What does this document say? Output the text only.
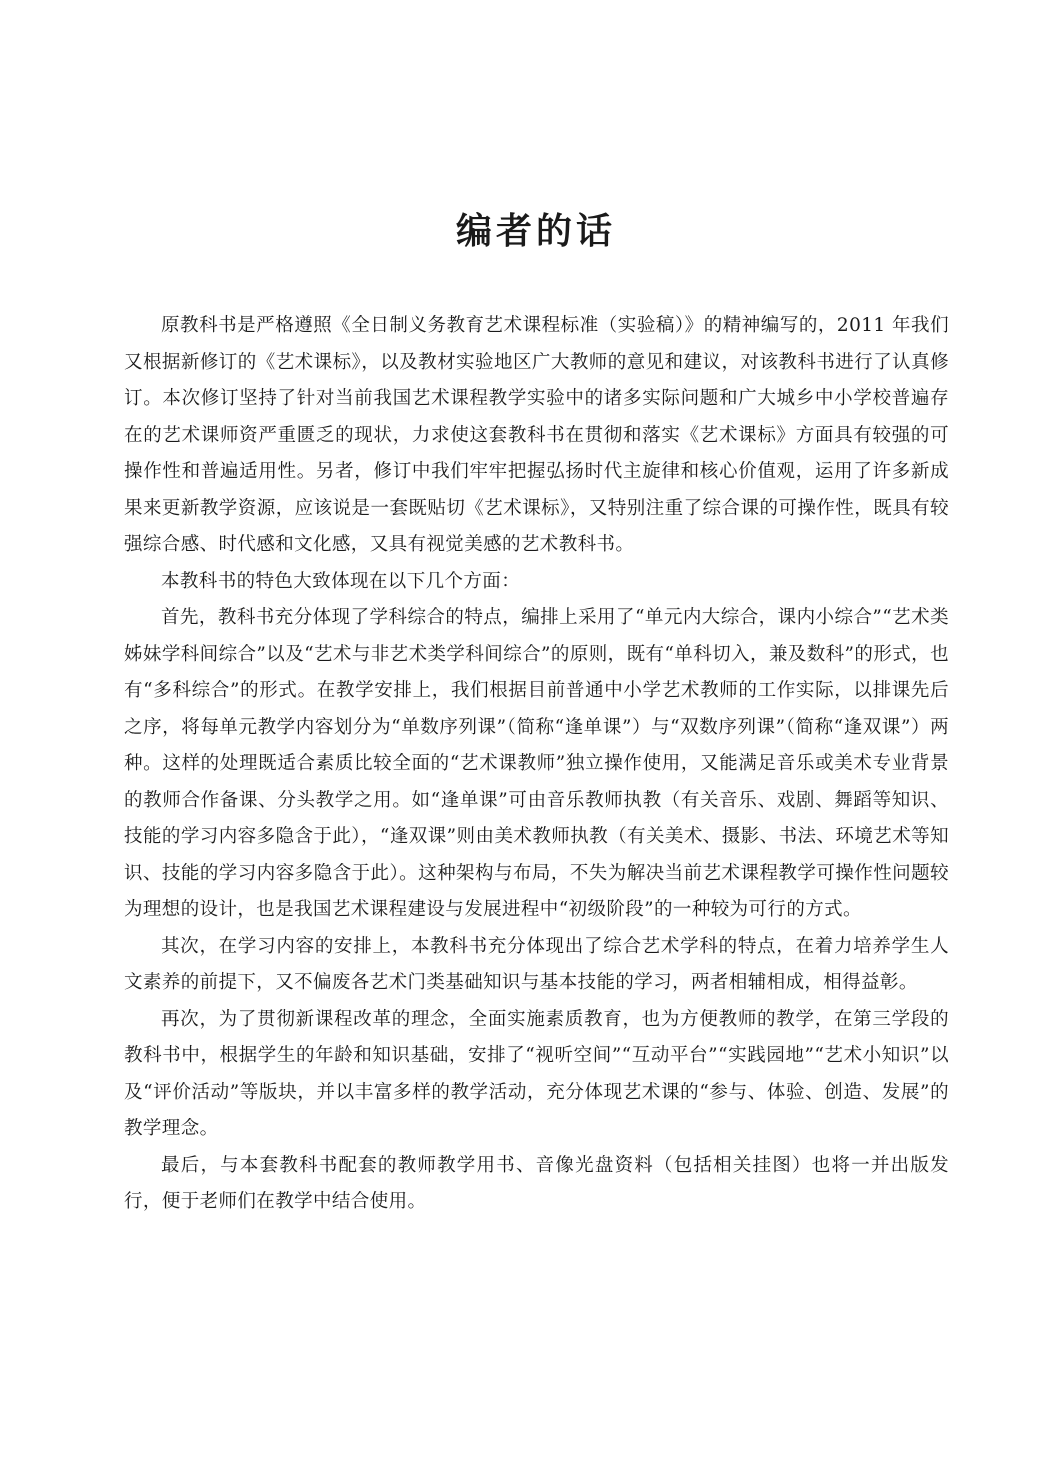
编者的话

原教科书是严格遵照《全日制义务教育艺术课程标准（实验稿）》的精神编写的，2011 年我们又根据新修订的《艺术课标》，以及教材实验地区广大教师的意见和建议，对该教科书进行了认真修订。本次修订坚持了针对当前我国艺术课程教学实验中的诸多实际问题和广大城乡中小学校普遍存在的艺术课师资严重匮乏的现状，力求使这套教科书在贯彻和落实《艺术课标》方面具有较强的可操作性和普遍适用性。另者，修订中我们牢牢把握弘扬时代主旋律和核心价值观，运用了许多新成果来更新教学资源，应该说是一套既贴切《艺术课标》，又特别注重了综合课的可操作性，既具有较强综合感、时代感和文化感，又具有视觉美感的艺术教科书。

本教科书的特色大致体现在以下几个方面：

首先，教科书充分体现了学科综合的特点，编排上采用了“单元内大综合，课内小综合”“艺术类姊妹学科间综合”以及“艺术与非艺术类学科间综合”的原则，既有“单科切入，兼及数科”的形式，也有“多科综合”的形式。在教学安排上，我们根据目前普通中小学艺术教师的工作实际，以排课先后之序，将每单元教学内容划分为“单数序列课”（简称“逢单课”）与“双数序列课”（简称“逢双课”）两种。这样的处理既适合素质比较全面的“艺术课教师”独立操作使用，又能满足音乐或美术专业背景的教师合作备课、分头教学之用。如“逢单课”可由音乐教师执教（有关音乐、戏剧、舞蹈等知识、技能的学习内容多隐含于此），“逢双课”则由美术教师执教（有关美术、摄影、书法、环境艺术等知识、技能的学习内容多隐含于此）。这种架构与布局，不失为解决当前艺术课程教学可操作性问题较为理想的设计，也是我国艺术课程建设与发展进程中“初级阶段”的一种较为可行的方式。

其次，在学习内容的安排上，本教科书充分体现出了综合艺术学科的特点，在着力培养学生人文素养的前提下，又不偏废各艺术门类基础知识与基本技能的学习，两者相辅相成，相得益彰。

再次，为了贯彻新课程改革的理念，全面实施素质教育，也为方便教师的教学，在第三学段的教科书中，根据学生的年龄和知识基础，安排了“视听空间”“互动平台”“实践园地”“艺术小知识”以及“评价活动”等版块，并以丰富多样的教学活动，充分体现艺术课的“参与、体验、创造、发展”的教学理念。

最后，与本套教科书配套的教师教学用书、音像光盘资料（包括相关挂图）也将一并出版发行，便于老师们在教学中结合使用。
